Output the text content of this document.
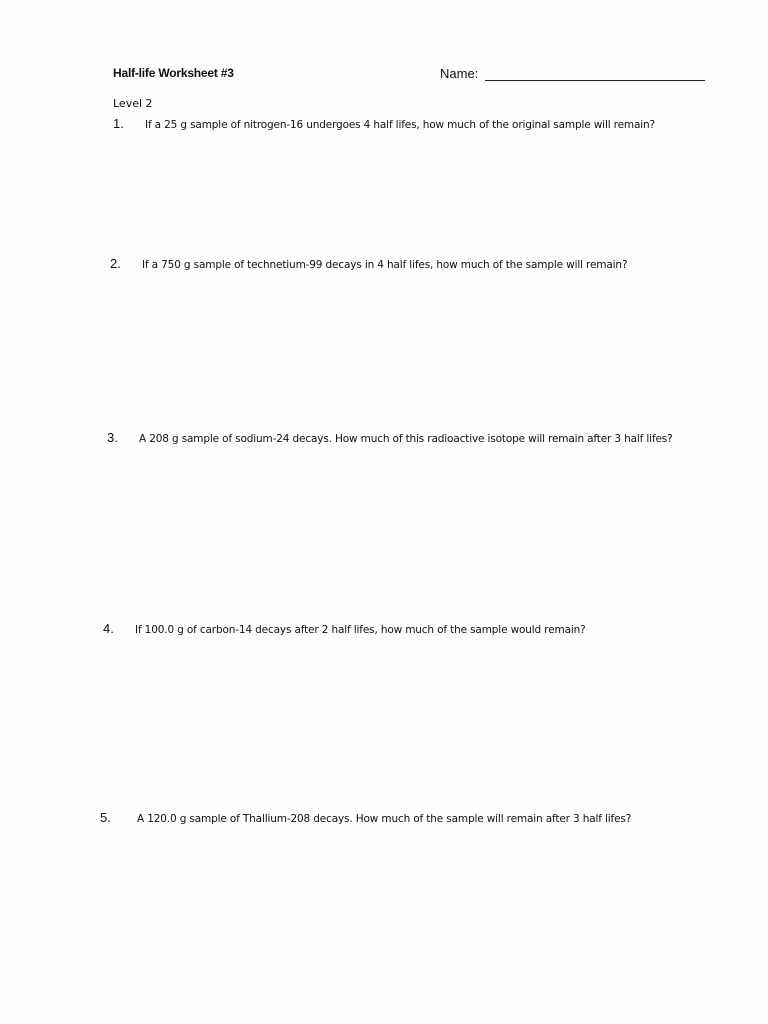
Half-life Worksheet #3	Name:
Level 2
1.	If a 25 g sample of nitrogen-16 undergoes 4 half lifes, how much of the original sample will remain?
2.	If a 750 g sample of technetium-99 decays in 4 half lifes, how much of the sample will remain?
3.	A 208 g sample of sodium-24 decays. How much of this radioactive isotope will remain after 3 half lifes?
4.	If 100.0 g of carbon-14 decays after 2 half lifes, how much of the sample would remain?
5.	A 120.0 g sample of Thallium-208 decays. How much of the sample will remain after 3 half lifes?
